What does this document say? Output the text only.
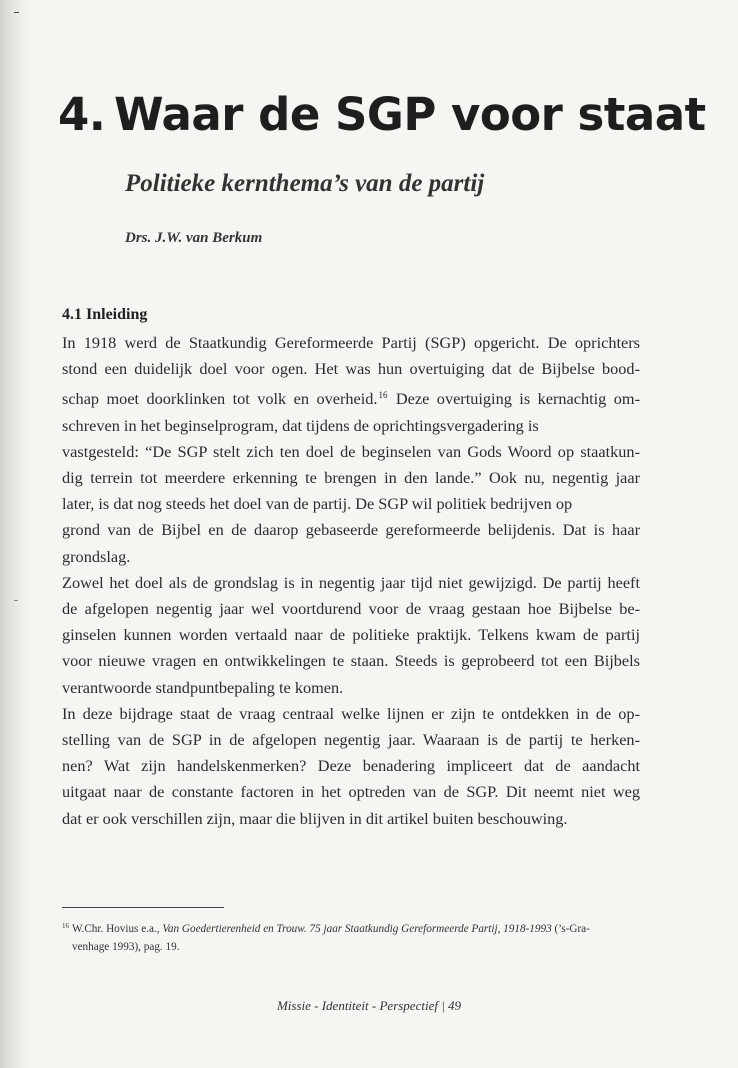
4. Waar de SGP voor staat
Politieke kernthema’s van de partij
Drs. J.W. van Berkum
4.1 Inleiding

In 1918 werd de Staatkundig Gereformeerde Partij (SGP) opgericht. De oprichters
stond een duidelijk doel voor ogen. Het was hun overtuiging dat de Bijbelse bood-
schap moet doorklinken tot volk en overheid.$^{16}$ Deze overtuiging is kernachtig om-
schreven in het beginselprogram, dat tijdens de oprichtingsvergadering is
vastgesteld: “De SGP stelt zich ten doel de beginselen van Gods Woord op staatkun-
dig terrein tot meerdere erkenning te brengen in den lande.” Ook nu, negentig jaar
later, is dat nog steeds het doel van de partij. De SGP wil politiek bedrijven op
grond van de Bijbel en de daarop gebaseerde gereformeerde belijdenis. Dat is haar
grondslag.

Zowel het doel als de grondslag is in negentig jaar tijd niet gewijzigd. De partij heeft
de afgelopen negentig jaar wel voortdurend voor de vraag gestaan hoe Bijbelse be-
ginselen kunnen worden vertaald naar de politieke praktijk. Telkens kwam de partij
voor nieuwe vragen en ontwikkelingen te staan. Steeds is geprobeerd tot een Bijbels
verantwoorde standpuntbepaling te komen.

In deze bijdrage staat de vraag centraal welke lijnen er zijn te ontdekken in de op-
stelling van de SGP in de afgelopen negentig jaar. Waaraan is de partij te herken-
nen? Wat zijn handelskenmerken? Deze benadering impliceert dat de aandacht
uitgaat naar de constante factoren in het optreden van de SGP. Dit neemt niet weg
dat er ook verschillen zijn, maar die blijven in dit artikel buiten beschouwing.

$^{16}$ W.Chr. Hovius e.a., Van Goedertierenheid en Trouw. 75 jaar Staatkundig Gereformeerde Partij, 1918-1993 (’s-Gra-
venhage 1993), pag. 19.
Missie - Identiteit - Perspectief | 49
